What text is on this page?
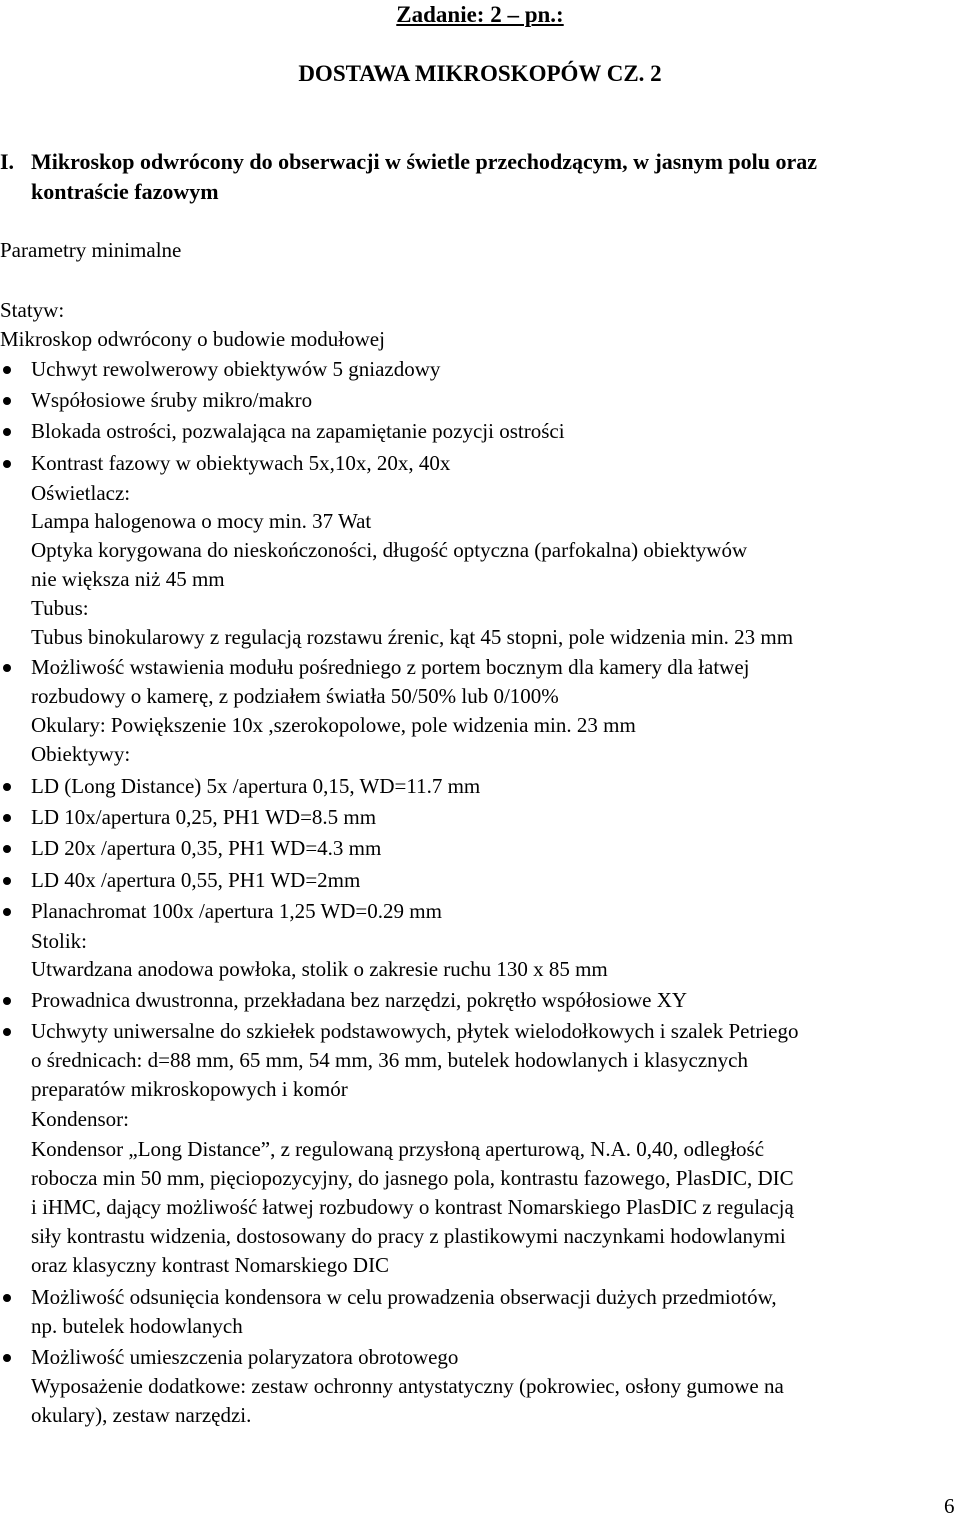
Zadanie: 2 – pn.:
DOSTAWA MIKROSKOPÓW CZ. 2
I. Mikroskop odwrócony do obserwacji w świetle przechodzącym, w jasnym polu oraz
kontraście fazowym
Parametry minimalne
Statyw:
Mikroskop odwrócony o budowie modułowej
Uchwyt rewolwerowy obiektywów 5 gniazdowy
Współosiowe śruby mikro/makro
Blokada ostrości, pozwalająca na zapamiętanie pozycji ostrości
Kontrast fazowy w obiektywach 5x,10x, 20x, 40x
Oświetlacz:
Lampa halogenowa o mocy min. 37 Wat
Optyka korygowana do nieskończoności, długość optyczna (parfokalna) obiektywów
nie większa niż 45 mm
Tubus:
Tubus binokularowy z regulacją rozstawu źrenic, kąt 45 stopni, pole widzenia min. 23 mm
Możliwość wstawienia modułu pośredniego z portem bocznym dla kamery dla łatwej
rozbudowy o kamerę, z podziałem światła 50/50% lub 0/100%
Okulary: Powiększenie 10x ,szerokopolowe, pole widzenia min. 23 mm
Obiektywy:
LD (Long Distance) 5x /apertura 0,15, WD=11.7 mm
LD 10x/apertura 0,25, PH1 WD=8.5 mm
LD 20x /apertura 0,35, PH1 WD=4.3 mm
LD 40x /apertura 0,55, PH1 WD=2mm
Planachromat 100x /apertura 1,25 WD=0.29 mm
Stolik:
Utwardzana anodowa powłoka, stolik o zakresie ruchu 130 x 85 mm
Prowadnica dwustronna, przekładana bez narzędzi, pokrętło współosiowe XY
Uchwyty uniwersalne do szkiełek podstawowych, płytek wielodołkowych i szalek Petriego
o średnicach: d=88 mm, 65 mm, 54 mm, 36 mm, butelek hodowlanych i klasycznych
preparatów mikroskopowych i komór
Kondensor:
Kondensor „Long Distance”, z regulowaną przysłoną aperturową, N.A. 0,40, odległość
robocza min 50 mm, pięciopozycyjny, do jasnego pola, kontrastu fazowego, PlasDIC, DIC
i iHMC, dający możliwość łatwej rozbudowy o kontrast Nomarskiego PlasDIC z regulacją
siły kontrastu widzenia, dostosowany do pracy z plastikowymi naczynkami hodowlanymi
oraz klasyczny kontrast Nomarskiego DIC
Możliwość odsunięcia kondensora w celu prowadzenia obserwacji dużych przedmiotów,
np. butelek hodowlanych
Możliwość umieszczenia polaryzatora obrotowego
Wyposażenie dodatkowe: zestaw ochronny antystatyczny (pokrowiec, osłony gumowe na
okulary), zestaw narzędzi.
6
